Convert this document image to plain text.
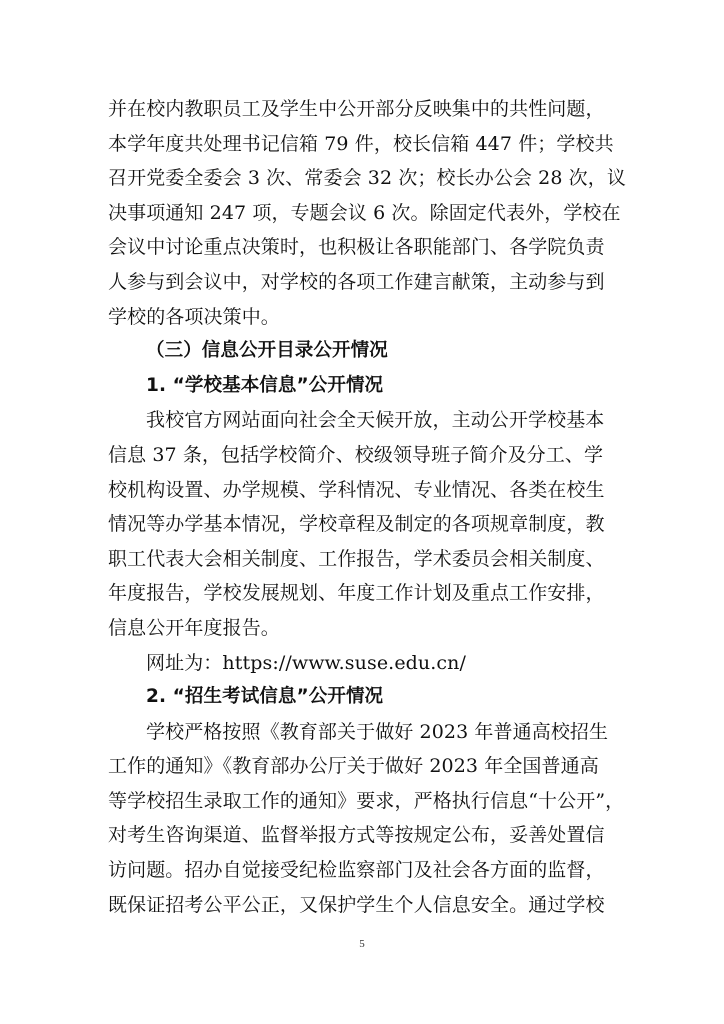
并在校内教职员工及学生中公开部分反映集中的共性问题，
本学年度共处理书记信箱 79 件，校长信箱 447 件；学校共
召开党委全委会 3 次、常委会 32 次；校长办公会 28 次，议
决事项通知 247 项，专题会议 6 次。除固定代表外，学校在
会议中讨论重点决策时，也积极让各职能部门、各学院负责
人参与到会议中，对学校的各项工作建言献策，主动参与到
学校的各项决策中。
（三）信息公开目录公开情况
1. “学校基本信息”公开情况
我校官方网站面向社会全天候开放，主动公开学校基本
信息 37 条，包括学校简介、校级领导班子简介及分工、学
校机构设置、办学规模、学科情况、专业情况、各类在校生
情况等办学基本情况，学校章程及制定的各项规章制度，教
职工代表大会相关制度、工作报告，学术委员会相关制度、
年度报告，学校发展规划、年度工作计划及重点工作安排，
信息公开年度报告。
网址为：https://www.suse.edu.cn/
2. “招生考试信息”公开情况
学校严格按照《教育部关于做好 2023 年普通高校招生
工作的通知》《教育部办公厅关于做好 2023 年全国普通高
等学校招生录取工作的通知》要求，严格执行信息“十公开”，
对考生咨询渠道、监督举报方式等按规定公布，妥善处置信
访问题。招办自觉接受纪检监察部门及社会各方面的监督，
既保证招考公平公正，又保护学生个人信息安全。通过学校
5
